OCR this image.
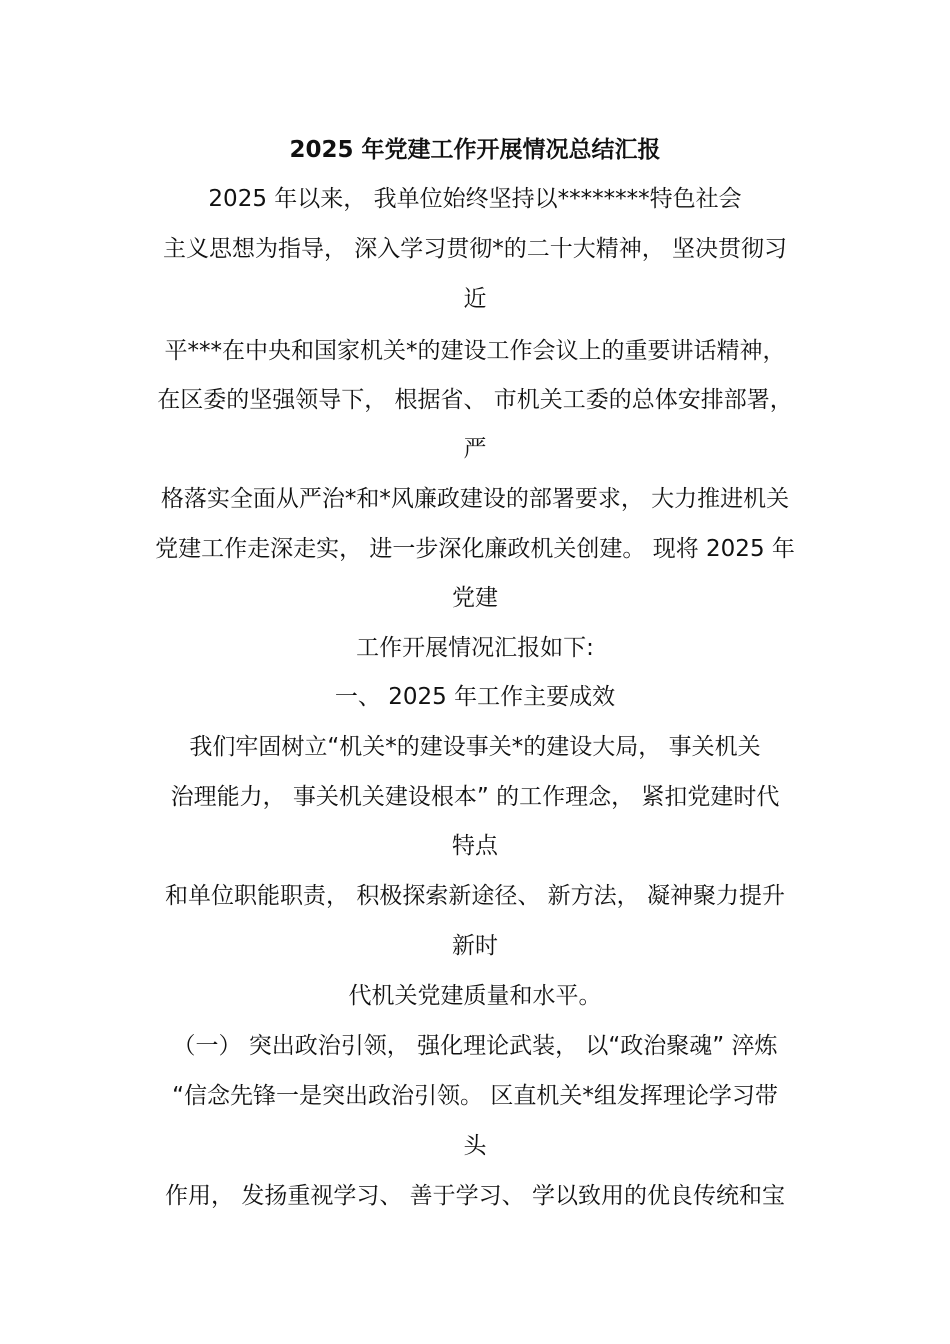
2025 年党建工作开展情况总结汇报
2025 年以来， 我单位始终坚持以********特色社会
主义思想为指导， 深入学习贯彻*的二十大精神， 坚决贯彻习
近
平***在中央和国家机关*的建设工作会议上的重要讲话精神，
在区委的坚强领导下， 根据省、 市机关工委的总体安排部署，
严
格落实全面从严治*和*风廉政建设的部署要求， 大力推进机关
党建工作走深走实， 进一步深化廉政机关创建。 现将 2025 年
党建
工作开展情况汇报如下:
一、 2025 年工作主要成效
我们牢固树立“机关*的建设事关*的建设大局， 事关机关
治理能力， 事关机关建设根本” 的工作理念， 紧扣党建时代
特点
和单位职能职责， 积极探索新途径、 新方法， 凝神聚力提升
新时
代机关党建质量和水平。
（一） 突出政治引领， 强化理论武装， 以“政治聚魂” 淬炼
“信念先锋一是突出政治引领。 区直机关*组发挥理论学习带
头
作用， 发扬重视学习、 善于学习、 学以致用的优良传统和宝
